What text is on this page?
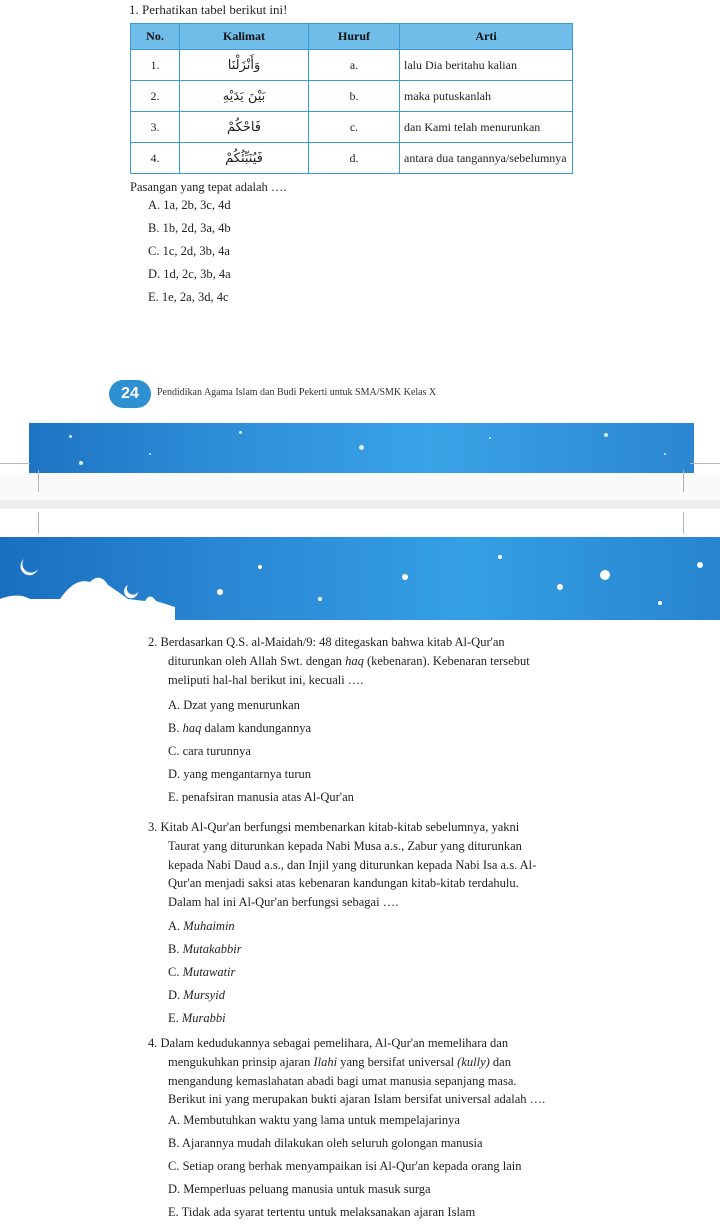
1. Perhatikan tabel berikut ini!
No.	Kalimat	Huruf	Arti
1.	وَأَنْزَلْنَا	a.	lalu Dia beritahu kalian
2.	بَيْنَ يَدَيْهِ	b.	maka putuskanlah
3.	فَاحْكُمْ	c.	dan Kami telah menurunkan
4.	فَيُنَبِّئُكُمْ	d.	antara dua tangannya/sebelumnya
Pasangan yang tepat adalah ….
A. 1a, 2b, 3c, 4d
B. 1b, 2d, 3a, 4b
C. 1c, 2d, 3b, 4a
D. 1d, 2c, 3b, 4a
E. 1e, 2a, 3d, 4c
24	Pendidikan Agama Islam dan Budi Pekerti untuk SMA/SMK Kelas X
2. Berdasarkan Q.S. al-Maidah/9: 48 ditegaskan bahwa kitab Al-Qur'an
diturunkan oleh Allah Swt. dengan haq (kebenaran). Kebenaran tersebut
meliputi hal-hal berikut ini, kecuali ….
A. Dzat yang menurunkan
B. haq dalam kandungannya
C. cara turunnya
D. yang mengantarnya turun
E. penafsiran manusia atas Al-Qur'an
3. Kitab Al-Qur'an berfungsi membenarkan kitab-kitab sebelumnya, yakni
Taurat yang diturunkan kepada Nabi Musa a.s., Zabur yang diturunkan
kepada Nabi Daud a.s., dan Injil yang diturunkan kepada Nabi Isa a.s. Al-
Qur'an menjadi saksi atas kebenaran kandungan kitab-kitab terdahulu.
Dalam hal ini Al-Qur'an berfungsi sebagai ….
A. Muhaimin
B. Mutakabbir
C. Mutawatir
D. Mursyid
E. Murabbi
4. Dalam kedudukannya sebagai pemelihara, Al-Qur'an memelihara dan
mengukuhkan prinsip ajaran Ilahi yang bersifat universal (kully) dan
mengandung kemaslahatan abadi bagi umat manusia sepanjang masa.
Berikut ini yang merupakan bukti ajaran Islam bersifat universal adalah ….
A. Membutuhkan waktu yang lama untuk mempelajarinya
B. Ajarannya mudah dilakukan oleh seluruh golongan manusia
C. Setiap orang berhak menyampaikan isi Al-Qur'an kepada orang lain
D. Memperluas peluang manusia untuk masuk surga
E. Tidak ada syarat tertentu untuk melaksanakan ajaran Islam
